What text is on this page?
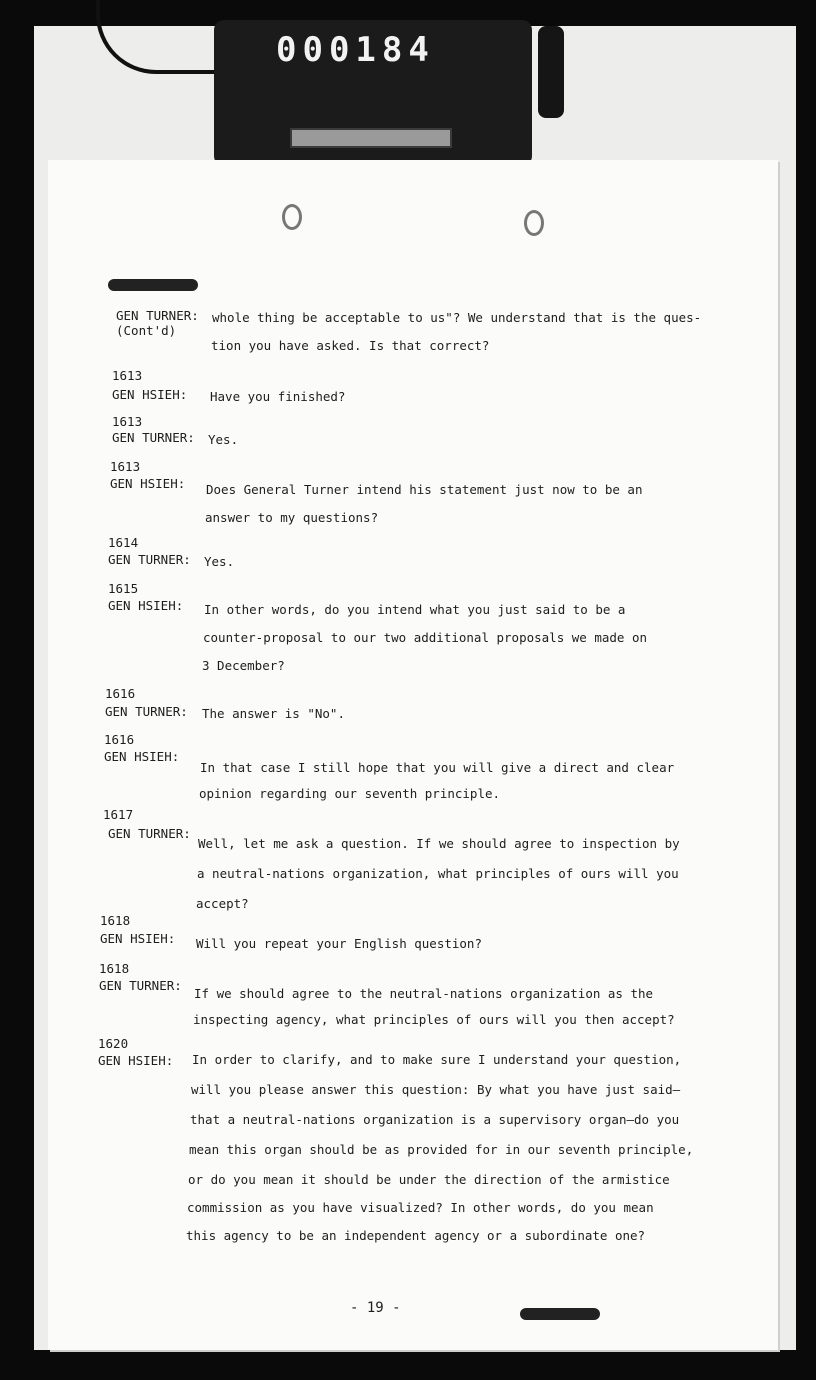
000184
GEN TURNER:
(Cont'd)
whole thing be acceptable to us"? We understand that is the ques-
tion you have asked. Is that correct?
1613
GEN HSIEH: Have you finished?
1613
GEN TURNER: Yes.
1613
GEN HSIEH: Does General Turner intend his statement just now to be an
answer to my questions?
1614
GEN TURNER: Yes.
1615
GEN HSIEH: In other words, do you intend what you just said to be a
counter-proposal to our two additional proposals we made on
3 December?
1616
GEN TURNER: The answer is "No".
1616
GEN HSIEH:
In that case I still hope that you will give a direct and clear
opinion regarding our seventh principle.
1617
GEN TURNER:
Well, let me ask a question. If we should agree to inspection by
a neutral-nations organization, what principles of ours will you
accept?
1618
GEN HSIEH: Will you repeat your English question?
1618
GEN TURNER:
If we should agree to the neutral-nations organization as the
inspecting agency, what principles of ours will you then accept?
1620
GEN HSIEH: In order to clarify, and to make sure I understand your question,
will you please answer this question: By what you have just said—
that a neutral-nations organization is a supervisory organ—do you
mean this organ should be as provided for in our seventh principle,
or do you mean it should be under the direction of the armistice
commission as you have visualized? In other words, do you mean
this agency to be an independent agency or a subordinate one?
- 19 -
